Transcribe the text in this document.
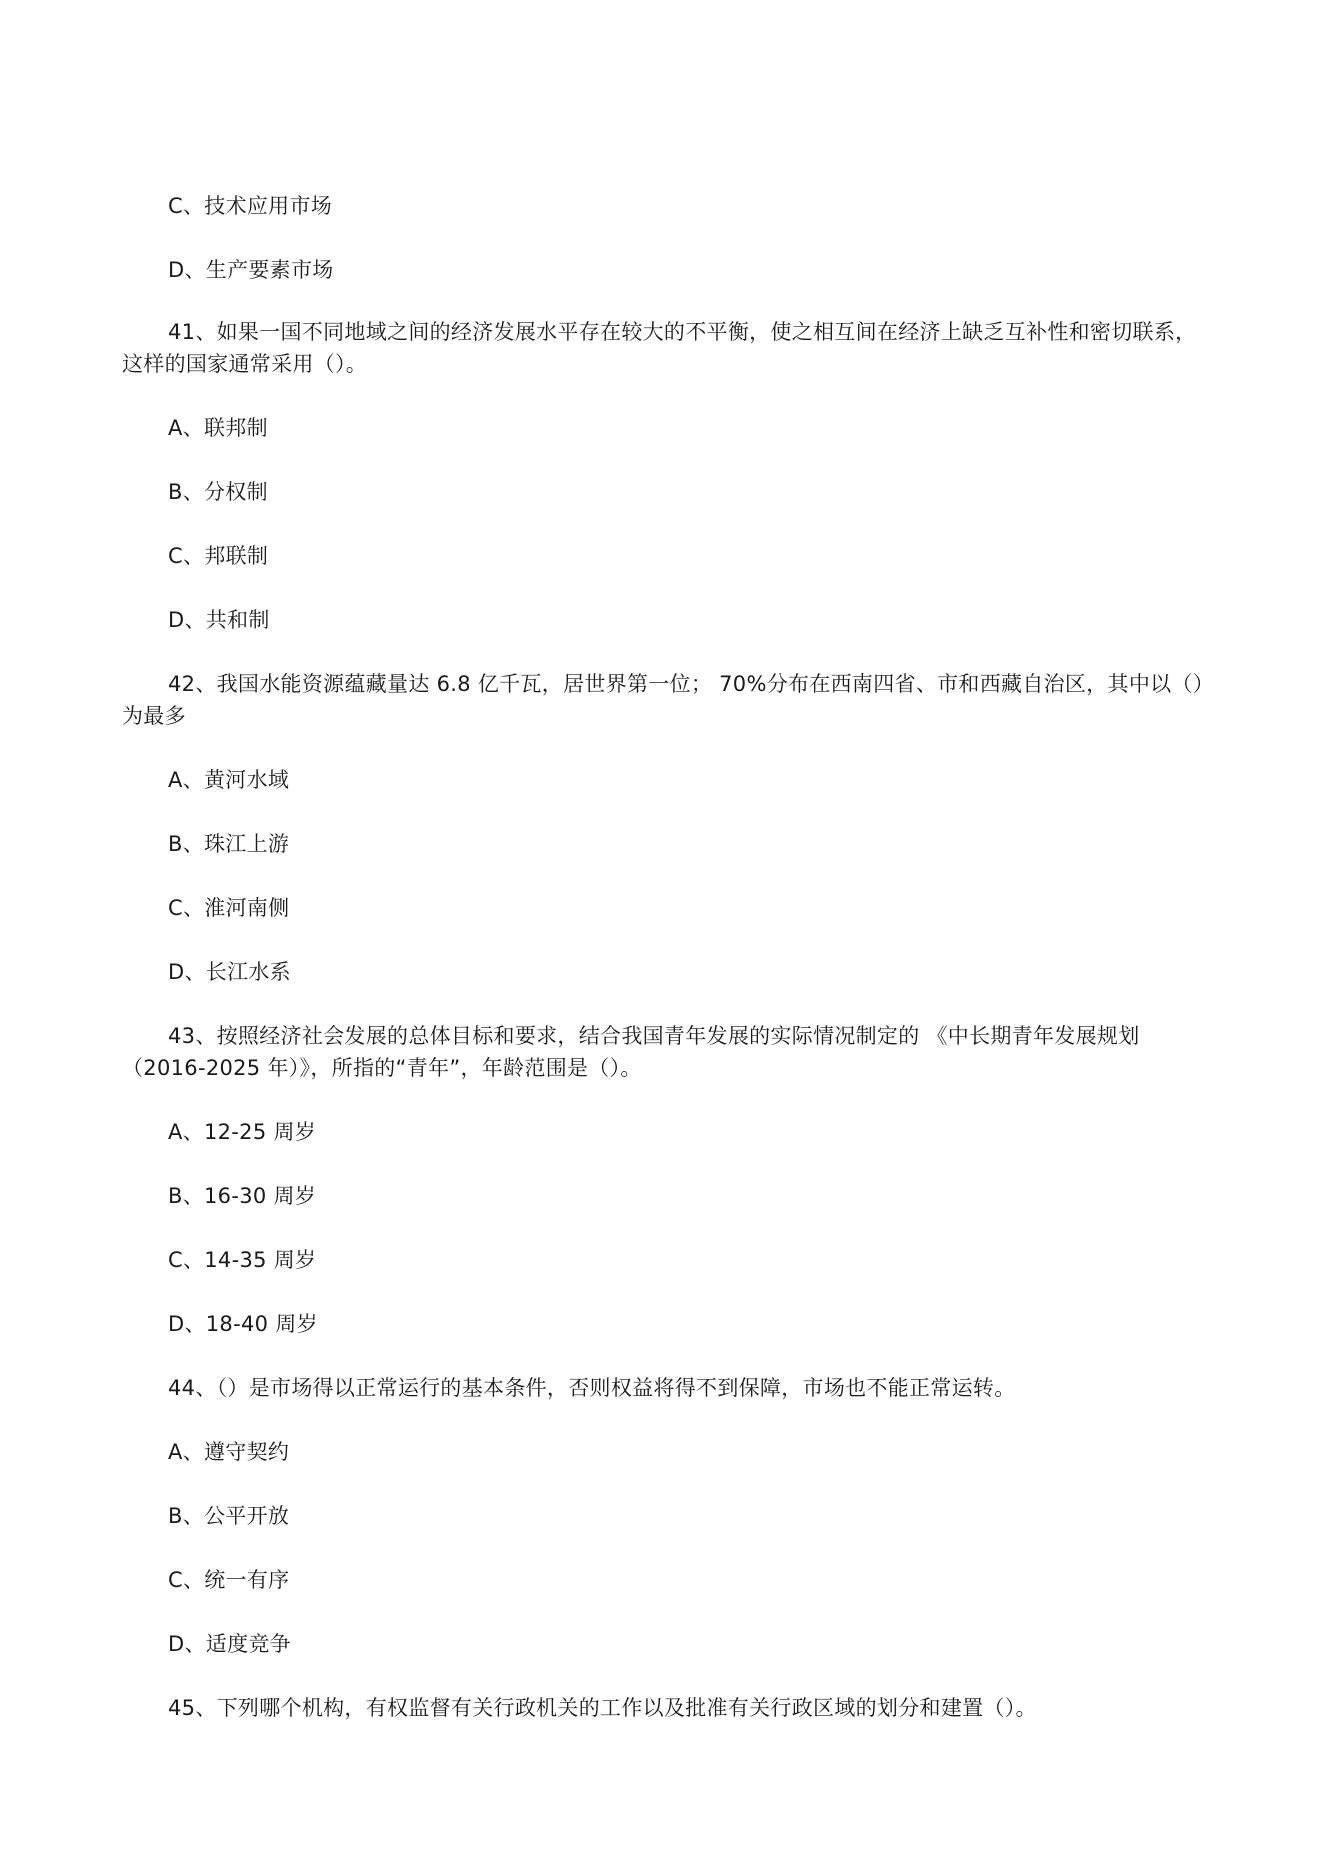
C、技术应用市场
D、生产要素市场
41、如果一国不同地域之间的经济发展水平存在较大的不平衡，使之相互间在经济上缺乏互补性和密切联系，这样的国家通常采用（）。
A、联邦制
B、分权制
C、邦联制
D、共和制
42、我国水能资源蕴藏量达 6.8 亿千瓦，居世界第一位； 70%分布在西南四省、市和西藏自治区，其中以（）为最多
A、黄河水域
B、珠江上游
C、淮河南侧
D、长江水系
43、按照经济社会发展的总体目标和要求，结合我国青年发展的实际情况制定的 《中长期青年发展规划（2016-2025 年）》，所指的“青年”，年龄范围是（）。
A、12-25 周岁
B、16-30 周岁
C、14-35 周岁
D、18-40 周岁
44、（）是市场得以正常运行的基本条件，否则权益将得不到保障，市场也不能正常运转。
A、遵守契约
B、公平开放
C、统一有序
D、适度竞争
45、下列哪个机构，有权监督有关行政机关的工作以及批准有关行政区域的划分和建置（）。
